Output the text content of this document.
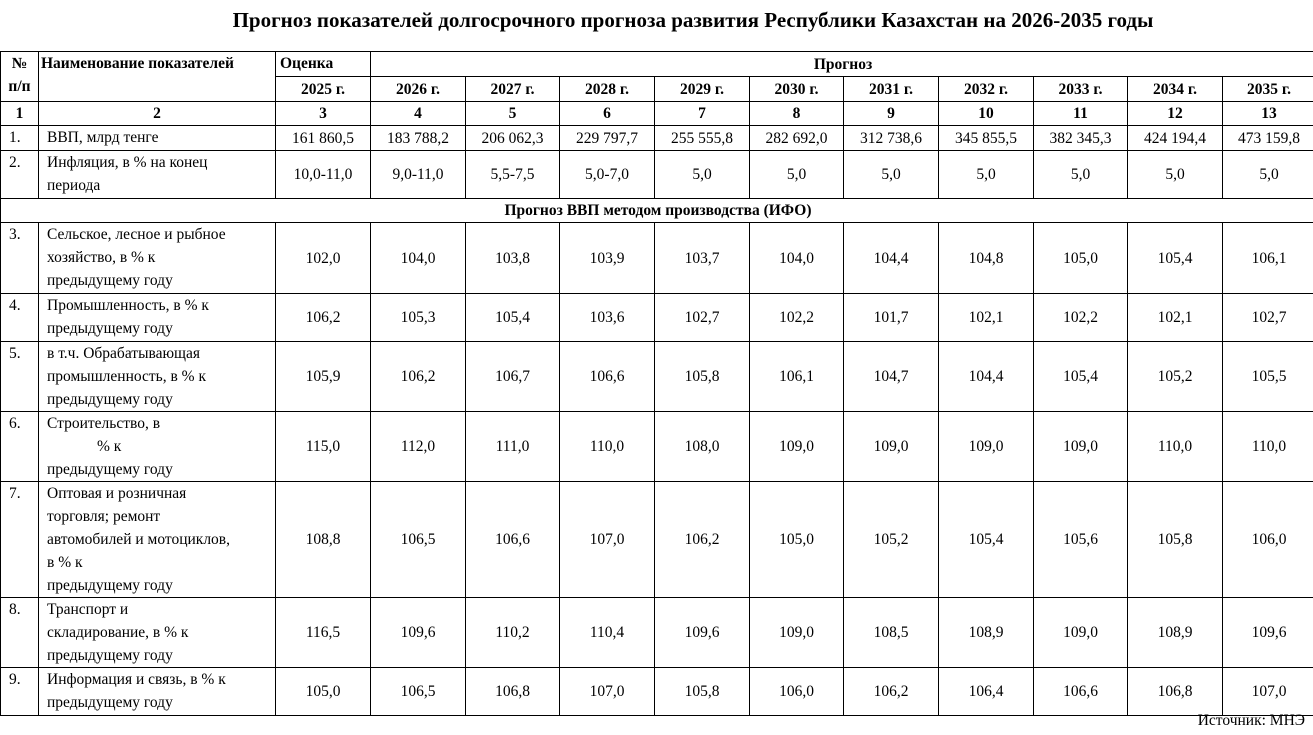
Прогноз показателей долгосрочного прогноза развития Республики Казахстан на 2026-2035 годы
№
п/п	Наименование показателей	Оценка	Прогноз									
		2025 г.	2026 г.	2027 г.	2028 г.	2029 г.	2030 г.	2031 г.	2032 г.	2033 г.	2034 г.	2035 г.
1	2	3	4	5	6	7	8	9	10	11	12	13
1.	ВВП, млрд тенге	161 860,5	183 788,2	206 062,3	229 797,7	255 555,8	282 692,0	312 738,6	345 855,5	382 345,3	424 194,4	473 159,8
2.	Инфляция, в % на конец
периода	10,0-11,0	9,0-11,0	5,5-7,5	5,0-7,0	5,0	5,0	5,0	5,0	5,0	5,0	5,0
Прогноз ВВП методом производства (ИФО)												
3.	Сельское, лесное и рыбное
хозяйство, в % к
предыдущему году	102,0	104,0	103,8	103,9	103,7	104,0	104,4	104,8	105,0	105,4	106,1
4.	Промышленность, в % к
предыдущему году	106,2	105,3	105,4	103,6	102,7	102,2	101,7	102,1	102,2	102,1	102,7
5.	в т.ч. Обрабатывающая
промышленность, в % к
предыдущему году	105,9	106,2	106,7	106,6	105,8	106,1	104,7	104,4	105,4	105,2	105,5
6.	Строительство, в
% к
предыдущему году	115,0	112,0	111,0	110,0	108,0	109,0	109,0	109,0	109,0	110,0	110,0
7.	Оптовая и розничная
торговля; ремонт
автомобилей и мотоциклов,
в % к
предыдущему году	108,8	106,5	106,6	107,0	106,2	105,0	105,2	105,4	105,6	105,8	106,0
8.	Транспорт и
складирование, в % к
предыдущему году	116,5	109,6	110,2	110,4	109,6	109,0	108,5	108,9	109,0	108,9	109,6
9.	Информация и связь, в % к
предыдущему году	105,0	106,5	106,8	107,0	105,8	106,0	106,2	106,4	106,6	106,8	107,0
Источник: МНЭ
